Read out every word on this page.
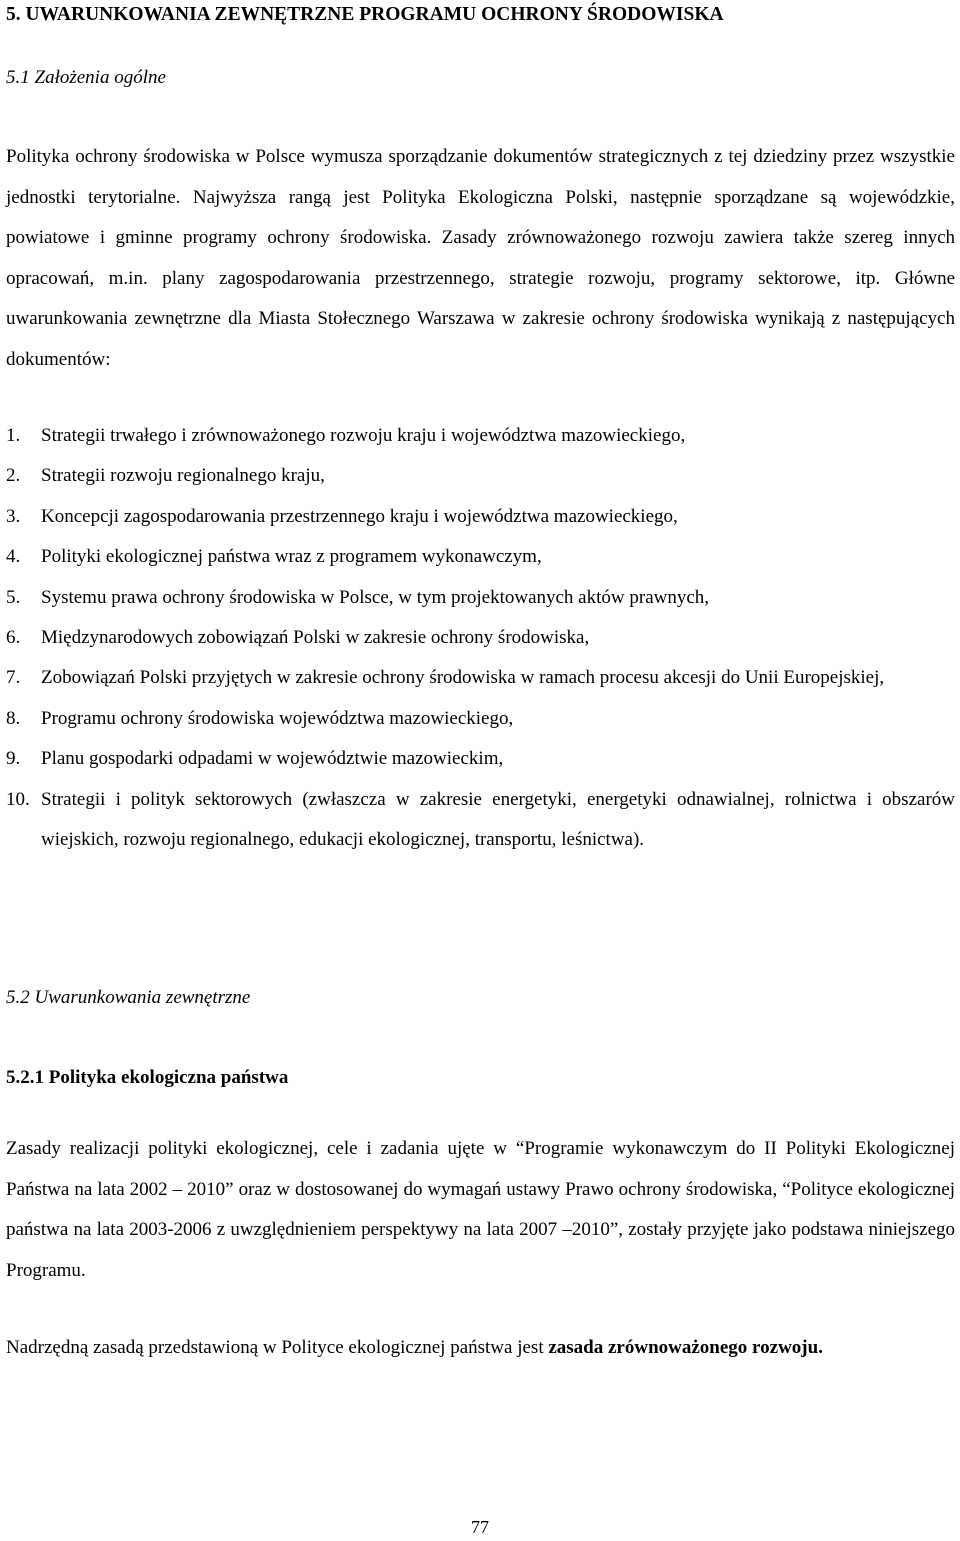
5. UWARUNKOWANIA ZEWNĘTRZNE PROGRAMU OCHRONY ŚRODOWISKA
5.1 Założenia ogólne

Polityka ochrony środowiska w Polsce wymusza sporządzanie dokumentów strategicznych z tej dziedziny przez wszystkie jednostki terytorialne. Najwyższa rangą jest Polityka Ekologiczna Polski, następnie sporządzane są wojewódzkie, powiatowe i gminne programy ochrony środowiska. Zasady zrównoważonego rozwoju zawiera także szereg innych opracowań, m.in. plany zagospodarowania przestrzennego, strategie rozwoju, programy sektorowe, itp. Główne uwarunkowania zewnętrzne dla Miasta Stołecznego Warszawa w zakresie ochrony środowiska wynikają z następujących dokumentów:

1. Strategii trwałego i zrównoważonego rozwoju kraju i województwa mazowieckiego,
2. Strategii rozwoju regionalnego kraju,
3. Koncepcji zagospodarowania przestrzennego kraju i województwa mazowieckiego,
4. Polityki ekologicznej państwa wraz z programem wykonawczym,
5. Systemu prawa ochrony środowiska w Polsce, w tym projektowanych aktów prawnych,
6. Międzynarodowych zobowiązań Polski w zakresie ochrony środowiska,
7. Zobowiązań Polski przyjętych w zakresie ochrony środowiska w ramach procesu akcesji do Unii Europejskiej,
8. Programu ochrony środowiska województwa mazowieckiego,
9. Planu gospodarki odpadami w województwie mazowieckim,
10. Strategii i polityk sektorowych (zwłaszcza w zakresie energetyki, energetyki odnawialnej, rolnictwa i obszarów wiejskich, rozwoju regionalnego, edukacji ekologicznej, transportu, leśnictwa).
5.2 Uwarunkowania zewnętrzne
5.2.1 Polityka ekologiczna państwa

Zasady realizacji polityki ekologicznej, cele i zadania ujęte w “Programie wykonawczym do II Polityki Ekologicznej Państwa na lata 2002 – 2010” oraz w dostosowanej do wymagań ustawy Prawo ochrony środowiska, “Polityce ekologicznej państwa na lata 2003-2006 z uwzględnieniem perspektywy na lata 2007 –2010”, zostały przyjęte jako podstawa niniejszego Programu.

Nadrzędną zasadą przedstawioną w Polityce ekologicznej państwa jest zasada zrównoważonego rozwoju.

77
